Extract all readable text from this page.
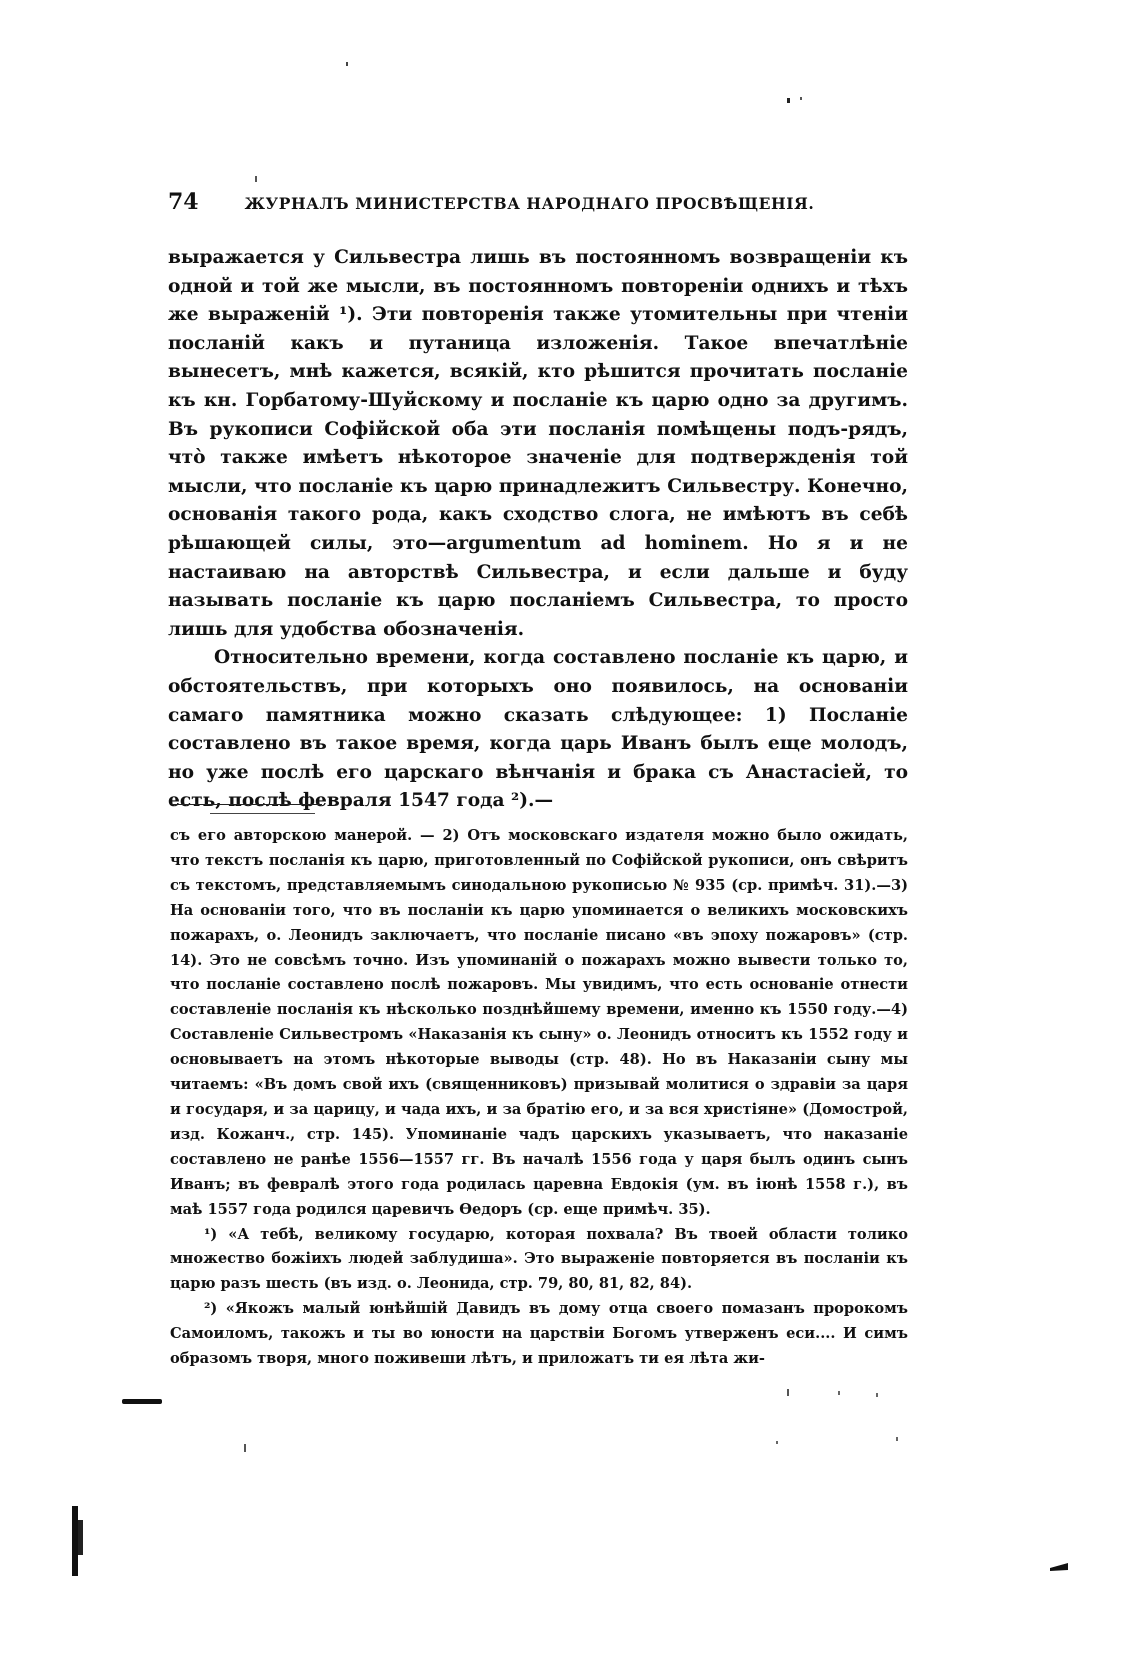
74	ЖУРНАЛЪ МИНИСТЕРСТВА НАРОДНАГО ПРОСВѢЩЕНІЯ.

выражается у Сильвестра лишь въ постоянномъ возвращеніи къ одной и той же мысли, въ постоянномъ повтореніи однихъ и тѣхъ же выраженій ¹). Эти повторенія также утомительны при чтеніи посланій какъ и путаница изложенія. Такое впечатлѣніе вынесетъ, мнѣ кажется, всякій, кто рѣшится прочитать посланіе къ кн. Горбатому-Шуйскому и посланіе къ царю одно за другимъ. Въ рукописи Софійской оба эти посланія помѣщены подъ-рядъ, что̀ также имѣетъ нѣкоторое значеніе для подтвержденія той мысли, что посланіе къ царю принадлежитъ Сильвестру. Конечно, основанія такого рода, какъ сходство слога, не имѣютъ въ себѣ рѣшающей силы, это—argumentum ad hominem. Но я и не настаиваю на авторствѣ Сильвестра, и если дальше и буду называть посланіе къ царю посланіемъ Сильвестра, то просто лишь для удобства обозначенія.

Относительно времени, когда составлено посланіе къ царю, и обстоятельствъ, при которыхъ оно появилось, на основаніи самаго памятника можно сказать слѣдующее: 1) Посланіе составлено въ такое время, когда царь Иванъ былъ еще молодъ, но уже послѣ его царскаго вѣнчанія и брака съ Анастасіей, то есть, послѣ февраля 1547 года ²).—

съ его авторскою манерой. — 2) Отъ московскаго издателя можно было ожидать, что текстъ посланія къ царю, приготовленный по Софійской рукописи, онъ свѣритъ съ текстомъ, представляемымъ синодальною рукописью № 935 (ср. примѣч. 31).—3) На основаніи того, что въ посланіи къ царю упоминается о великихъ московскихъ пожарахъ, о. Леонидъ заключаетъ, что посланіе писано «въ эпоху пожаровъ» (стр. 14). Это не совсѣмъ точно. Изъ упоминаній о пожарахъ можно вывести только то, что посланіе составлено послѣ пожаровъ. Мы увидимъ, что есть основаніе отнести составленіе посланія къ нѣсколько позднѣйшему времени, именно къ 1550 году.—4) Составленіе Сильвестромъ «Наказанія къ сыну» о. Леонидъ относитъ къ 1552 году и основываетъ на этомъ нѣкоторые выводы (стр. 48). Но въ Наказаніи сыну мы читаемъ: «Въ домъ свой ихъ (священниковъ) призывай молитися о здравіи за царя и государя, и за царицу, и чада ихъ, и за братію его, и за вся христіяне» (Домострой, изд. Кожанч., стр. 145). Упоминаніе чадъ царскихъ указываетъ, что наказаніе составлено не ранѣе 1556—1557 гг. Въ началѣ 1556 года у царя былъ одинъ сынъ Иванъ; въ февралѣ этого года родилась царевна Евдокія (ум. въ іюнѣ 1558 г.), въ маѣ 1557 года родился царевичъ Ѳедоръ (ср. еще примѣч. 35).

¹) «А тебѣ, великому государю, которая похвала? Въ твоей области толико множество божіихъ людей заблудиша». Это выраженіе повторяется въ посланіи къ царю разъ шесть (въ изд. о. Леонида, стр. 79, 80, 81, 82, 84).

²) «Якожъ малый юнѣйшій Давидъ въ дому отца своего помазанъ пророкомъ Самоиломъ, такожъ и ты во юности на царствіи Богомъ утверженъ еси.... И симъ образомъ творя, много поживеши лѣтъ, и приложатъ ти ея лѣта жи-
